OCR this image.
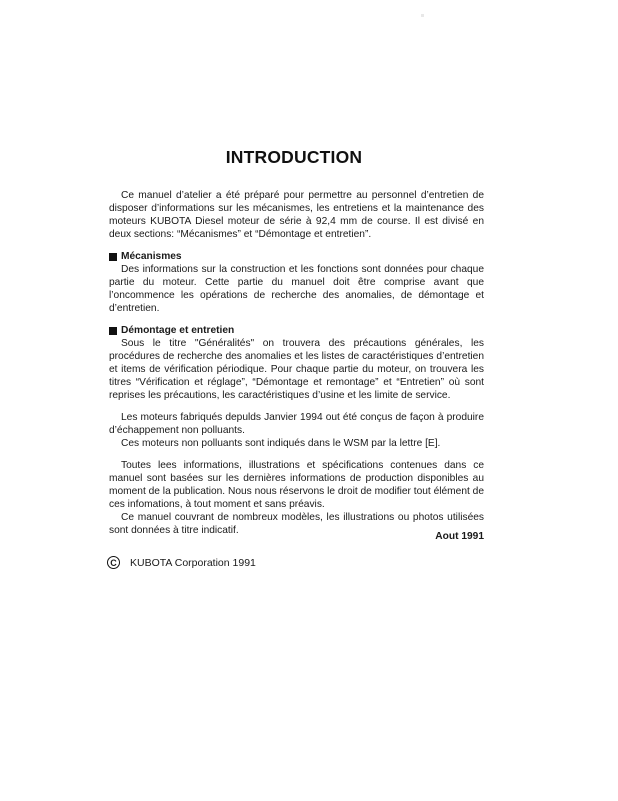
INTRODUCTION

Ce manuel d’atelier a été préparé pour permettre au personnel d’entretien de disposer d’informations sur les mécanismes, les entretiens et la maintenance des moteurs KUBOTA Diesel moteur de série à 92,4 mm de course. Il est divisé en deux sections: “Mécanismes” et “Démontage et entretien”.

Mécanismes

Des informations sur la construction et les fonctions sont données pour chaque partie du moteur. Cette partie du manuel doit être comprise avant que l’oncommence les opérations de recherche des anomalies, de démontage et d’entretien.

Démontage et entretien

Sous le titre "Généralités" on trouvera des précautions générales, les procédures de recherche des anomalies et les listes de caractéristiques d’entretien et items de vérification périodique. Pour chaque partie du moteur, on trouvera les titres “Vérification et réglage”, “Démontage et remontage” et “Entretien” où sont reprises les précautions, les caractéristiques d’usine et les limite de service.

Les moteurs fabriqués depulds Janvier 1994 out été conçus de façon à produire d’échappement non polluants.

Ces moteurs non polluants sont indiqués dans le WSM par la lettre [E].

Toutes lees informations, illustrations et spécifications contenues dans ce manuel sont basées sur les dernières informations de production disponibles au moment de la publication. Nous nous réservons le droit de modifier tout élément de ces infomations, à tout moment et sans préavis.

Ce manuel couvrant de nombreux modèles, les illustrations ou photos utilisées sont données à titre indicatif.

Aout 1991
C	KUBOTA Corporation 1991
